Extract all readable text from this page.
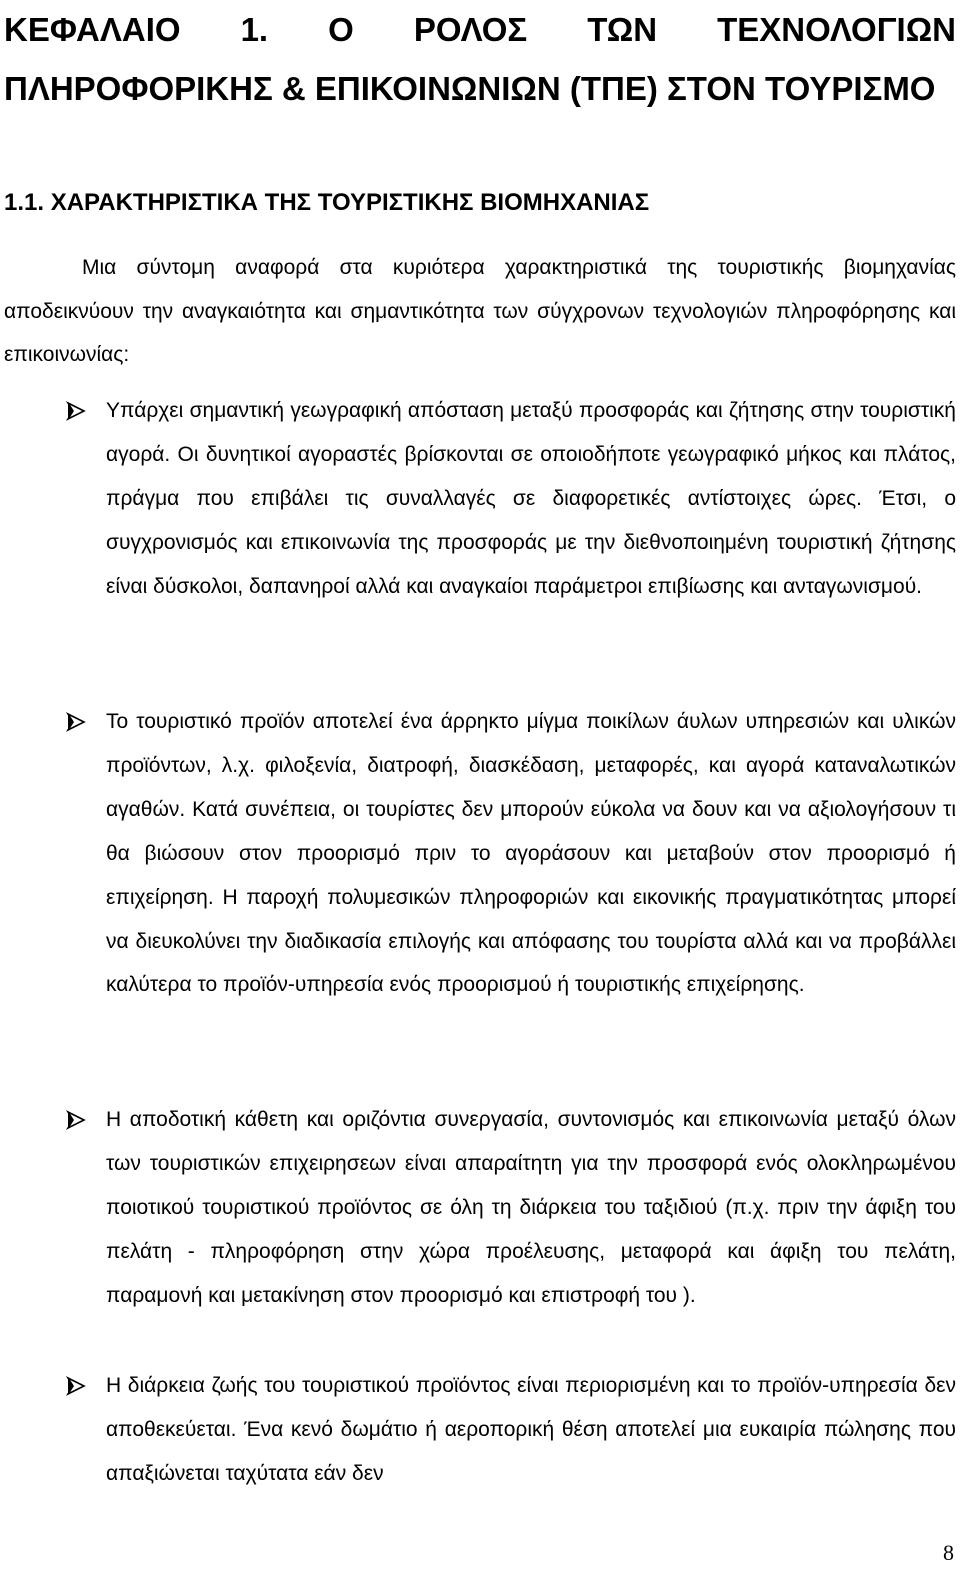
ΚΕΦΑΛΑΙΟ 1. Ο ΡΟΛΟΣ ΤΩΝ ΤΕΧΝΟΛΟΓΙΩΝ ΠΛΗΡΟΦΟΡΙΚΗΣ & ΕΠΙΚΟΙΝΩΝΙΩΝ (ΤΠΕ) ΣΤΟΝ ΤΟΥΡΙΣΜΟ
1.1. ΧΑΡΑΚΤΗΡΙΣΤΙΚΑ ΤΗΣ ΤΟΥΡΙΣΤΙΚΗΣ ΒΙΟΜΗΧΑΝΙΑΣ

Μια σύντομη αναφορά στα κυριότερα χαρακτηριστικά της τουριστικής βιομηχανίας αποδεικνύουν την αναγκαιότητα και σημαντικότητα των σύγχρονων τεχνολογιών πληροφόρησης και επικοινωνίας:

Υπάρχει σημαντική γεωγραφική απόσταση μεταξύ προσφοράς και ζήτησης στην τουριστική αγορά. Οι δυνητικοί αγοραστές βρίσκονται σε οποιοδήποτε γεωγραφικό μήκος και πλάτος, πράγμα που επιβάλει τις συναλλαγές σε διαφορετικές αντίστοιχες ώρες. Έτσι, ο συγχρονισμός και επικοινωνία της προσφοράς με την διεθνοποιημένη τουριστική ζήτησης είναι δύσκολοι, δαπανηροί αλλά και αναγκαίοι παράμετροι επιβίωσης και ανταγωνισμού.

Το τουριστικό προϊόν αποτελεί ένα άρρηκτο μίγμα ποικίλων άυλων υπηρεσιών και υλικών προϊόντων, λ.χ. φιλοξενία, διατροφή, διασκέδαση, μεταφορές, και αγορά καταναλωτικών αγαθών. Κατά συνέπεια, οι τουρίστες δεν μπορούν εύκολα να δουν και να αξιολογήσουν τι θα βιώσουν στον προορισμό πριν το αγοράσουν και μεταβούν στον προορισμό ή επιχείρηση. Η παροχή πολυμεσικών πληροφοριών και εικονικής πραγματικότητας μπορεί να διευκολύνει την διαδικασία επιλογής και απόφασης του τουρίστα αλλά και να προβάλλει καλύτερα το προϊόν-υπηρεσία ενός προορισμού ή τουριστικής επιχείρησης.

Η αποδοτική κάθετη και οριζόντια συνεργασία, συντονισμός και επικοινωνία μεταξύ όλων των τουριστικών επιχειρησεων είναι απαραίτητη για την προσφορά ενός ολοκληρωμένου ποιοτικού τουριστικού προϊόντος σε όλη τη διάρκεια του ταξιδιού (π.χ. πριν την άφιξη του πελάτη - πληροφόρηση στην χώρα προέλευσης, μεταφορά και άφιξη του πελάτη, παραμονή και μετακίνηση στον προορισμό και επιστροφή του ).

Η διάρκεια ζωής του τουριστικού προϊόντος είναι περιορισμένη και το προϊόν-υπηρεσία δεν αποθεκεύεται. Ένα κενό δωμάτιο ή αεροπορική θέση αποτελεί μια ευκαιρία πώλησης που απαξιώνεται ταχύτατα εάν δεν

8
